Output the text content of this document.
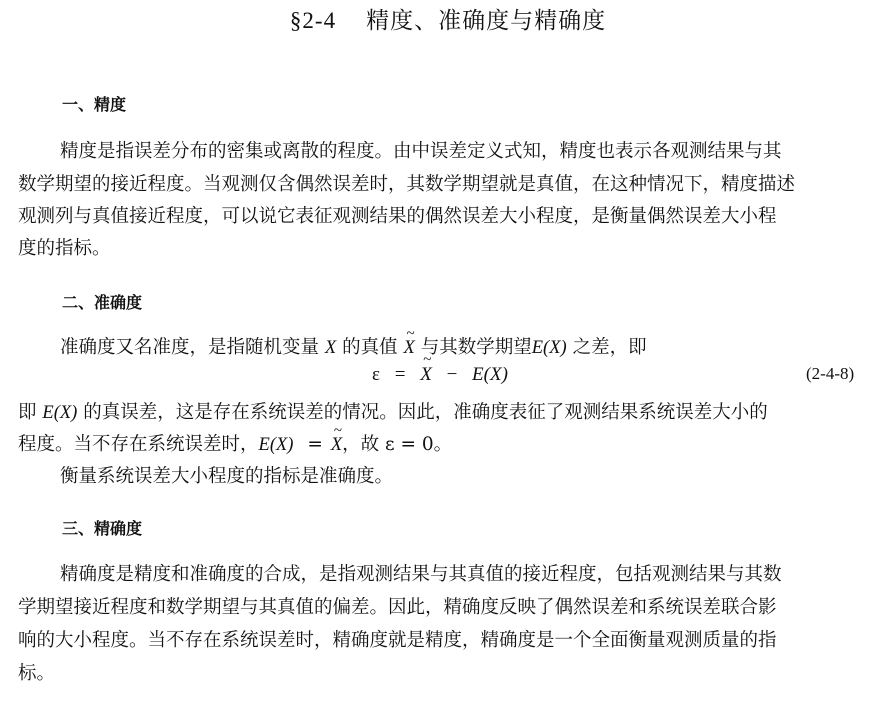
§2-4 精度、准确度与精确度
一、精度
精度是指误差分布的密集或离散的程度。由中误差定义式知，精度也表示各观测结果与其
数学期望的接近程度。当观测仅含偶然误差时，其数学期望就是真值，在这种情况下，精度描述
观测列与真值接近程度，可以说它表征观测结果的偶然误差大小程度，是衡量偶然误差大小程
度的指标。
二、准确度
准确度又名准度，是指随机变量 X 的真值 ~ X 与其数学期望E(X) 之差，即
ε = ~ X − E(X)	(2-4-8)
即 E(X) 的真误差，这是存在系统误差的情况。因此，准确度表征了观测结果系统误差大小的
程度。当不存在系统误差时，E(X) = ~ X，故 ε = 0。
衡量系统误差大小程度的指标是准确度。
三、精确度
精确度是精度和准确度的合成，是指观测结果与其真值的接近程度，包括观测结果与其数
学期望接近程度和数学期望与其真值的偏差。因此，精确度反映了偶然误差和系统误差联合影
响的大小程度。当不存在系统误差时，精确度就是精度，精确度是一个全面衡量观测质量的指
标。
